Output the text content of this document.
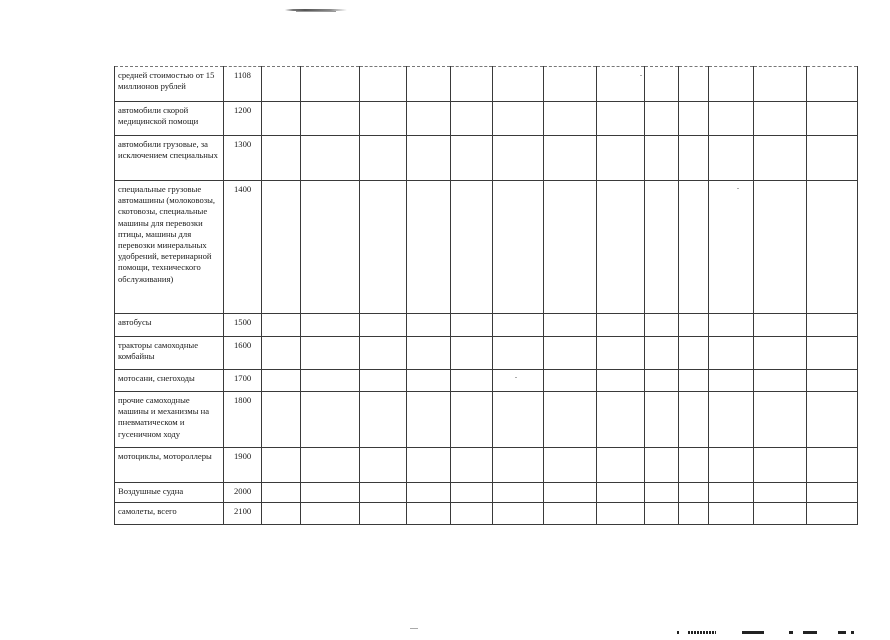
средней стоимостью от 15 миллионов рублей	1108													
автомобили скорой медицинской помощи	1200													
автомобили грузовые, за исключением специальных	1300													
специальные грузовые автомашины (молоковозы, скотовозы, специальные машины для перевозки птицы, машины для перевозки минеральных удобрений, ветеринарной помощи, технического обслуживания)	1400													
автобусы	1500													
тракторы самоходные комбайны	1600													
мотосани, снегоходы	1700													
прочие самоходные машины и механизмы на пневматическом и гусеничном ходу	1800													
мотоциклы, мотороллеры	1900													
Воздушные судна	2000													
самолеты, всего	2100													
